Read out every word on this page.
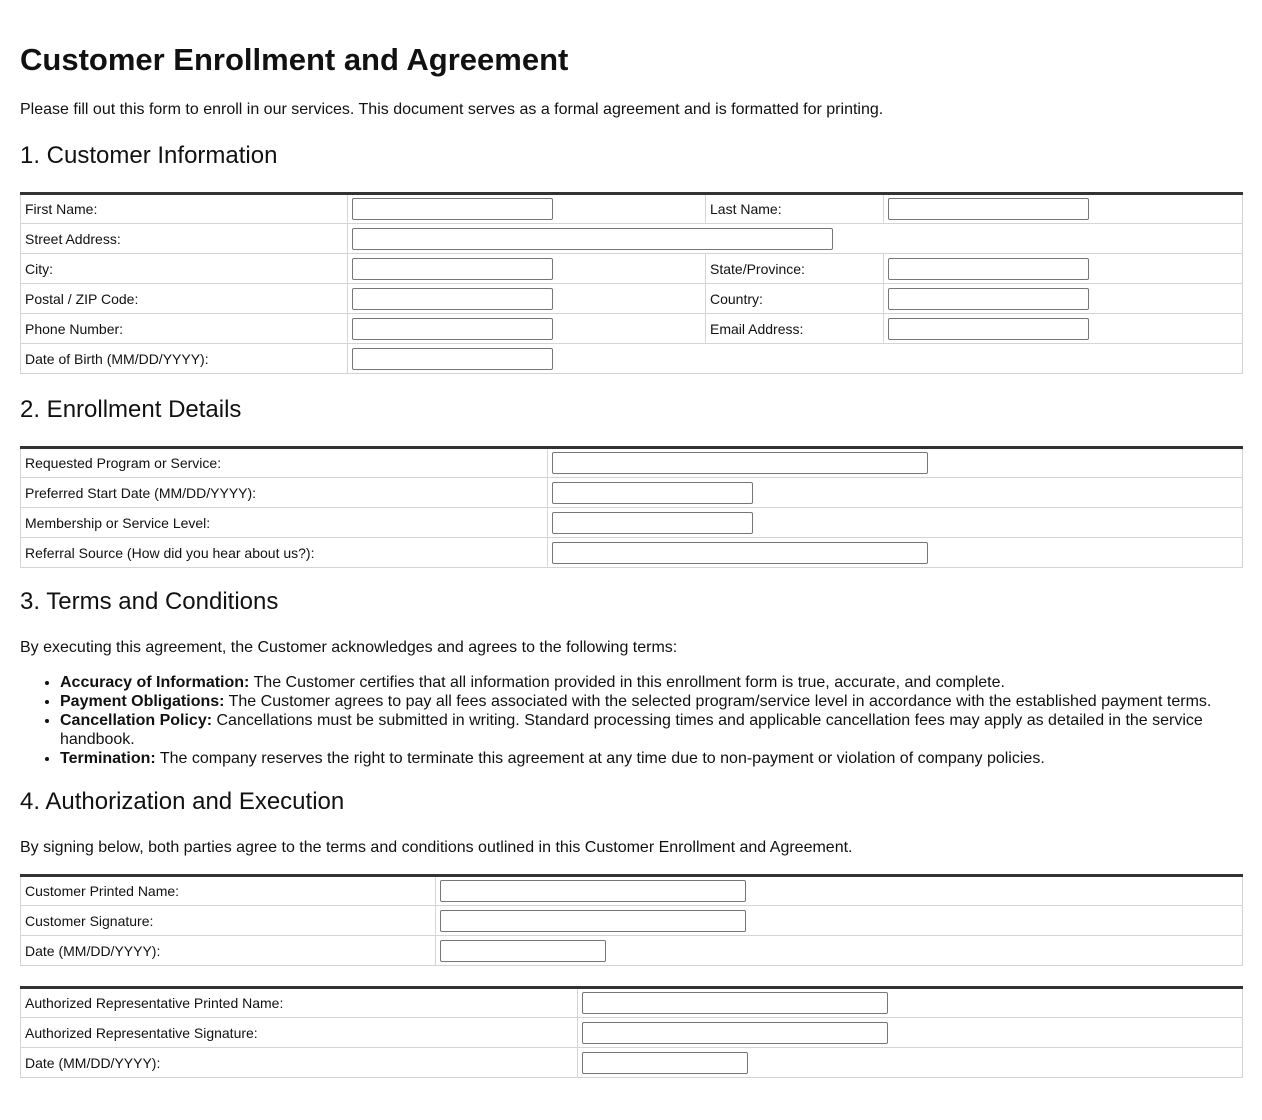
Customer Enrollment and Agreement

Please fill out this form to enroll in our services. This document serves as a formal agreement and is formatted for printing.

1. Customer Information
First Name:		Last Name:	

Street Address:	

City:		State/Province:	

Postal / ZIP Code:		Country:	

Phone Number:		Email Address:	

Date of Birth (MM/DD/YYYY):	
2. Enrollment Details
Requested Program or Service:	

Preferred Start Date (MM/DD/YYYY):	

Membership or Service Level:	

Referral Source (How did you hear about us?):	
3. Terms and Conditions

By executing this agreement, the Customer acknowledges and agrees to the following terms:

• Accuracy of Information: The Customer certifies that all information provided in this enrollment form is true, accurate, and complete.
• Payment Obligations: The Customer agrees to pay all fees associated with the selected program/service level in accordance with the established payment terms.
• Cancellation Policy: Cancellations must be submitted in writing. Standard processing times and applicable cancellation fees may apply as detailed in the service handbook.
• Termination: The company reserves the right to terminate this agreement at any time due to non-payment or violation of company policies.
4. Authorization and Execution

By signing below, both parties agree to the terms and conditions outlined in this Customer Enrollment and Agreement.

Customer Printed Name:	

Customer Signature:	

Date (MM/DD/YYYY):	
Authorized Representative Printed Name:	

Authorized Representative Signature:	

Date (MM/DD/YYYY):	
